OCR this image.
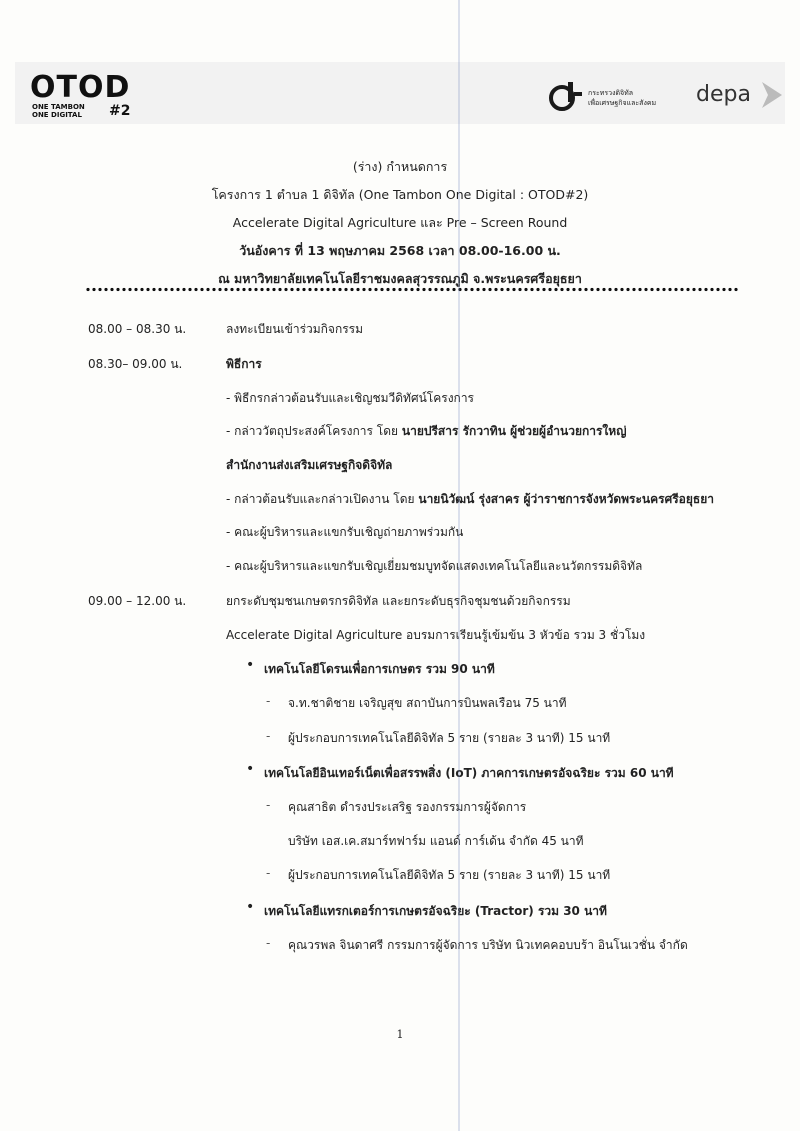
OTOD
ONE TAMBON
ONE DIGITAL #2
กระทรวงดิจิทัล
เพื่อเศรษฐกิจและสังคม	depa
(ร่าง) กำหนดการ
โครงการ 1 ตำบล 1 ดิจิทัล (One Tambon One Digital : OTOD#2)
Accelerate Digital Agriculture และ Pre – Screen Round
วันอังคาร ที่ 13 พฤษภาคม 2568 เวลา 08.00-16.00 น.
ณ มหาวิทยาลัยเทคโนโลยีราชมงคลสุวรรณภูมิ จ.พระนครศรีอยุธยา
08.00 – 08.30 น.	ลงทะเบียนเข้าร่วมกิจกรรม
08.30– 09.00 น.	พิธีการ
- พิธีกรกล่าวต้อนรับและเชิญชมวีดิทัศน์โครงการ
- กล่าววัตถุประสงค์โครงการ โดย นายปรีสาร รักวาทิน ผู้ช่วยผู้อำนวยการใหญ่
สำนักงานส่งเสริมเศรษฐกิจดิจิทัล
- กล่าวต้อนรับและกล่าวเปิดงาน โดย นายนิวัฒน์ รุ่งสาคร ผู้ว่าราชการจังหวัดพระนครศรีอยุธยา
- คณะผู้บริหารและแขกรับเชิญถ่ายภาพร่วมกัน
- คณะผู้บริหารและแขกรับเชิญเยี่ยมชมบูทจัดแสดงเทคโนโลยีและนวัตกรรมดิจิทัล
09.00 – 12.00 น.	ยกระดับชุมชนเกษตรกรดิจิทัล และยกระดับธุรกิจชุมชนด้วยกิจกรรม
Accelerate Digital Agriculture อบรมการเรียนรู้เข้มข้น 3 หัวข้อ รวม 3 ชั่วโมง
• เทคโนโลยีโดรนเพื่อการเกษตร รวม 90 นาที
- จ.ท.ชาติชาย เจริญสุข สถาบันการบินพลเรือน 75 นาที
- ผู้ประกอบการเทคโนโลยีดิจิทัล 5 ราย (รายละ 3 นาที) 15 นาที
• เทคโนโลยีอินเทอร์เน็ตเพื่อสรรพสิ่ง (IoT) ภาคการเกษตรอัจฉริยะ รวม 60 นาที
- คุณสาธิต ดำรงประเสริฐ รองกรรมการผู้จัดการ
บริษัท เอส.เค.สมาร์ทฟาร์ม แอนด์ การ์เด้น จำกัด 45 นาที
- ผู้ประกอบการเทคโนโลยีดิจิทัล 5 ราย (รายละ 3 นาที) 15 นาที
• เทคโนโลยีแทรกเตอร์การเกษตรอัจฉริยะ (Tractor) รวม 30 นาที
- คุณวรพล จินดาศรี กรรมการผู้จัดการ บริษัท นิวเทคคอบบร้า อินโนเวชั่น จำกัด
1
